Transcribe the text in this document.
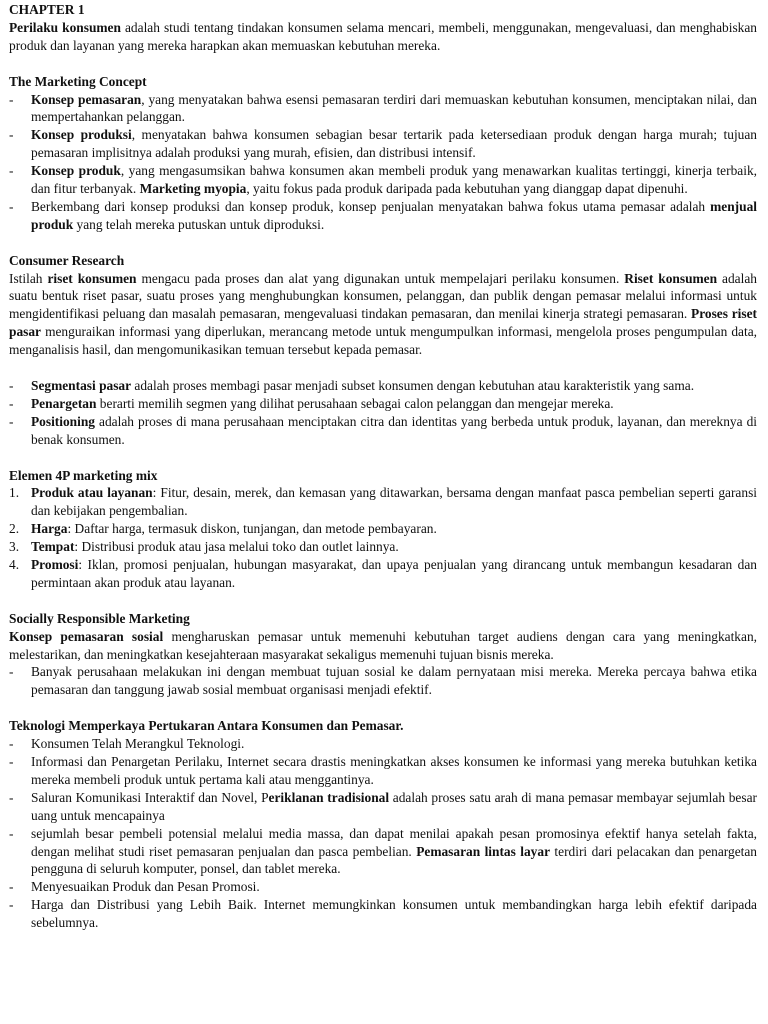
CHAPTER 1

Perilaku konsumen adalah studi tentang tindakan konsumen selama mencari, membeli, menggunakan, mengevaluasi, dan menghabiskan produk dan layanan yang mereka harapkan akan memuaskan kebutuhan mereka.

The Marketing Concept

-	Konsep pemasaran, yang menyatakan bahwa esensi pemasaran terdiri dari memuaskan kebutuhan konsumen, menciptakan nilai, dan mempertahankan pelanggan.
-	Konsep produksi, menyatakan bahwa konsumen sebagian besar tertarik pada ketersediaan produk dengan harga murah; tujuan pemasaran implisitnya adalah produksi yang murah, efisien, dan distribusi intensif.
-	Konsep produk, yang mengasumsikan bahwa konsumen akan membeli produk yang menawarkan kualitas tertinggi, kinerja terbaik, dan fitur terbanyak. Marketing myopia, yaitu fokus pada produk daripada pada kebutuhan yang dianggap dapat dipenuhi.
-	Berkembang dari konsep produksi dan konsep produk, konsep penjualan menyatakan bahwa fokus utama pemasar adalah menjual produk yang telah mereka putuskan untuk diproduksi.

Consumer Research

Istilah riset konsumen mengacu pada proses dan alat yang digunakan untuk mempelajari perilaku konsumen. Riset konsumen adalah suatu bentuk riset pasar, suatu proses yang menghubungkan konsumen, pelanggan, dan publik dengan pemasar melalui informasi untuk mengidentifikasi peluang dan masalah pemasaran, mengevaluasi tindakan pemasaran, dan menilai kinerja strategi pemasaran. Proses riset pasar menguraikan informasi yang diperlukan, merancang metode untuk mengumpulkan informasi, mengelola proses pengumpulan data, menganalisis hasil, dan mengomunikasikan temuan tersebut kepada pemasar.

-	Segmentasi pasar adalah proses membagi pasar menjadi subset konsumen dengan kebutuhan atau karakteristik yang sama.
-	Penargetan berarti memilih segmen yang dilihat perusahaan sebagai calon pelanggan dan mengejar mereka.
-	Positioning adalah proses di mana perusahaan menciptakan citra dan identitas yang berbeda untuk produk, layanan, dan mereknya di benak konsumen.

Elemen 4P marketing mix

1. Produk atau layanan: Fitur, desain, merek, dan kemasan yang ditawarkan, bersama dengan manfaat pasca pembelian seperti garansi dan kebijakan pengembalian.
2. Harga: Daftar harga, termasuk diskon, tunjangan, dan metode pembayaran.
3. Tempat: Distribusi produk atau jasa melalui toko dan outlet lainnya.
4. Promosi: Iklan, promosi penjualan, hubungan masyarakat, dan upaya penjualan yang dirancang untuk membangun kesadaran dan permintaan akan produk atau layanan.

Socially Responsible Marketing

Konsep pemasaran sosial mengharuskan pemasar untuk memenuhi kebutuhan target audiens dengan cara yang meningkatkan, melestarikan, dan meningkatkan kesejahteraan masyarakat sekaligus memenuhi tujuan bisnis mereka.

-	Banyak perusahaan melakukan ini dengan membuat tujuan sosial ke dalam pernyataan misi mereka. Mereka percaya bahwa etika pemasaran dan tanggung jawab sosial membuat organisasi menjadi efektif.

Teknologi Memperkaya Pertukaran Antara Konsumen dan Pemasar.

-	Konsumen Telah Merangkul Teknologi.
-	Informasi dan Penargetan Perilaku, Internet secara drastis meningkatkan akses konsumen ke informasi yang mereka butuhkan ketika mereka membeli produk untuk pertama kali atau menggantinya.
-	Saluran Komunikasi Interaktif dan Novel, Periklanan tradisional adalah proses satu arah di mana pemasar membayar sejumlah besar uang untuk mencapainya
-	sejumlah besar pembeli potensial melalui media massa, dan dapat menilai apakah pesan promosinya efektif hanya setelah fakta, dengan melihat studi riset pemasaran penjualan dan pasca pembelian. Pemasaran lintas layar terdiri dari pelacakan dan penargetan pengguna di seluruh komputer, ponsel, dan tablet mereka.
-	Menyesuaikan Produk dan Pesan Promosi.
-	Harga dan Distribusi yang Lebih Baik. Internet memungkinkan konsumen untuk membandingkan harga lebih efektif daripada sebelumnya.
